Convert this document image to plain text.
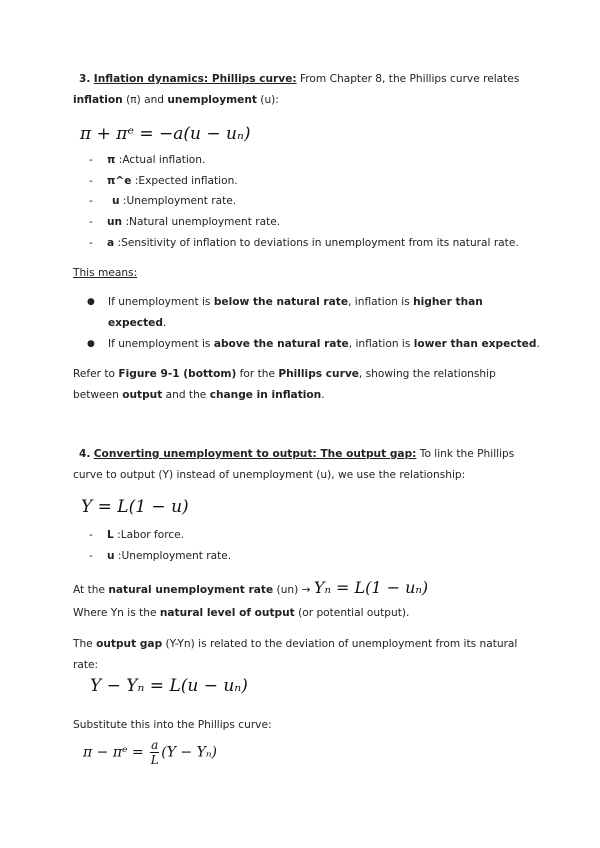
3. Inflation dynamics: Phillips curve: From Chapter 8, the Phillips curve relates
inflation (π) and unemployment (u):
π + πᵉ = −a(u − uₙ)
- π :Actual inflation.
- π^e :Expected inflation.
- u :Unemployment rate.
- un :Natural unemployment rate.
- a :Sensitivity of inflation to deviations in unemployment from its natural rate.
This means:
● If unemployment is below the natural rate, inflation is higher than
expected.
● If unemployment is above the natural rate, inflation is lower than expected.
Refer to Figure 9-1 (bottom) for the Phillips curve, showing the relationship
between output and the change in inflation.
4. Converting unemployment to output: The output gap: To link the Phillips
curve to output (Y) instead of unemployment (u), we use the relationship:
Y = L(1 − u)
- L :Labor force.
- u :Unemployment rate.
At the natural unemployment rate (un) → Yₙ = L(1 − uₙ)
Where Yn is the natural level of output (or potential output).
The output gap (Y-Yn) is related to the deviation of unemployment from its natural
rate:
Y − Yₙ = L(u − uₙ)
Substitute this into the Phillips curve:
π − πᵉ = $\frac{a}{L} (Y - Y_n)$
